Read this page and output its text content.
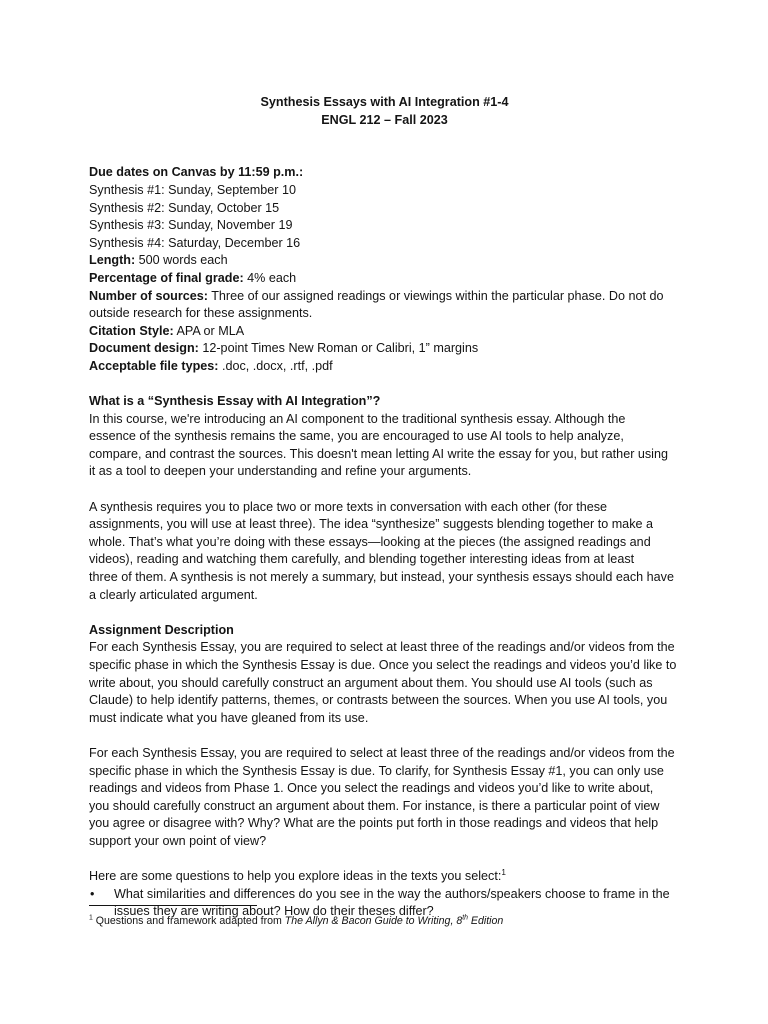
Synthesis Essays with AI Integration #1-4
ENGL 212 – Fall 2023
Due dates on Canvas by 11:59 p.m.:
Synthesis #1: Sunday, September 10
Synthesis #2: Sunday, October 15
Synthesis #3: Sunday, November 19
Synthesis #4: Saturday, December 16
Length: 500 words each
Percentage of final grade: 4% each
Number of sources: Three of our assigned readings or viewings within the particular phase. Do not do
outside research for these assignments.
Citation Style: APA or MLA
Document design: 12-point Times New Roman or Calibri, 1” margins
Acceptable file types: .doc, .docx, .rtf, .pdf
What is a “Synthesis Essay with AI Integration”?
In this course, we're introducing an AI component to the traditional synthesis essay. Although the
essence of the synthesis remains the same, you are encouraged to use AI tools to help analyze,
compare, and contrast the sources. This doesn't mean letting AI write the essay for you, but rather using
it as a tool to deepen your understanding and refine your arguments.
A synthesis requires you to place two or more texts in conversation with each other (for these
assignments, you will use at least three). The idea “synthesize” suggests blending together to make a
whole. That’s what you’re doing with these essays—looking at the pieces (the assigned readings and
videos), reading and watching them carefully, and blending together interesting ideas from at least
three of them. A synthesis is not merely a summary, but instead, your synthesis essays should each have
a clearly articulated argument.
Assignment Description
For each Synthesis Essay, you are required to select at least three of the readings and/or videos from the
specific phase in which the Synthesis Essay is due. Once you select the readings and videos you’d like to
write about, you should carefully construct an argument about them. You should use AI tools (such as
Claude) to help identify patterns, themes, or contrasts between the sources. When you use AI tools, you
must indicate what you have gleaned from its use.
For each Synthesis Essay, you are required to select at least three of the readings and/or videos from the
specific phase in which the Synthesis Essay is due. To clarify, for Synthesis Essay #1, you can only use
readings and videos from Phase 1. Once you select the readings and videos you’d like to write about,
you should carefully construct an argument about them. For instance, is there a particular point of view
you agree or disagree with? Why? What are the points put forth in those readings and videos that help
support your own point of view?
Here are some questions to help you explore ideas in the texts you select:$^1$
• What similarities and differences do you see in the way the authors/speakers choose to frame in the
issues they are writing about? How do their theses differ?
$^1$ Questions and framework adapted from The Allyn & Bacon Guide to Writing, 8th Edition
